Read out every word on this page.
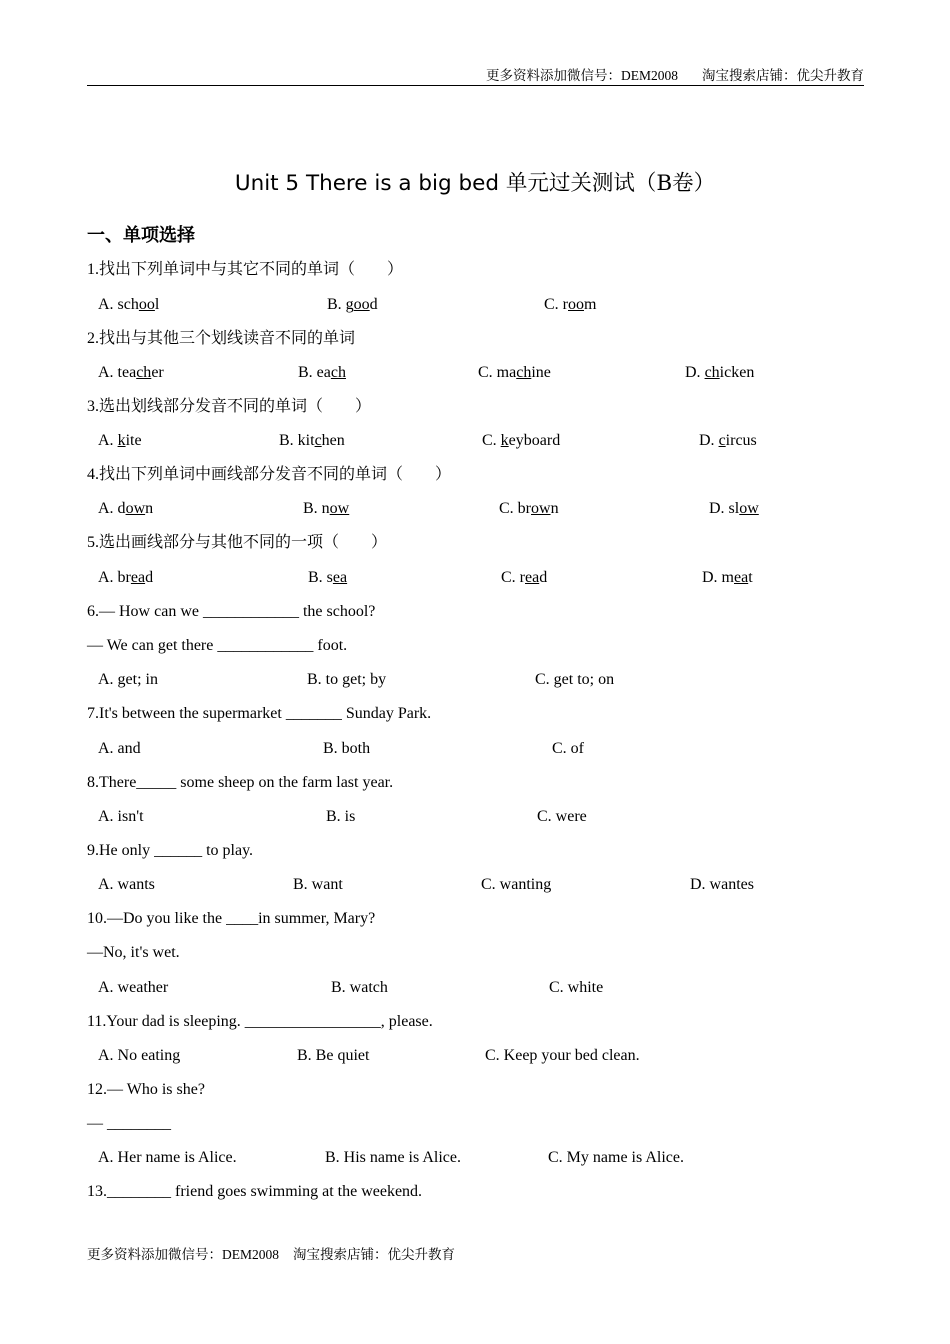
更多资料添加微信号：DEM2008 淘宝搜索店铺：优尖升教育
Unit 5 There is a big bed 单元过关测试（B卷）
一、单项选择
1.找出下列单词中与其它不同的单词（　　）
A. school	B. good	C. room
2.找出与其他三个划线读音不同的单词
A. teacher	B. each	C. machine	D. chicken
3.选出划线部分发音不同的单词（　　）
A. kite	B. kitchen	C. keyboard	D. circus
4.找出下列单词中画线部分发音不同的单词（　　）
A. down	B. now	C. brown	D. slow
5.选出画线部分与其他不同的一项（　　）
A. bread	B. sea	C. read	D. meat
6.— How can we ____________ the school?
— We can get there ____________ foot.
A. get; in	B. to get; by	C. get to; on
7.It's between the supermarket _______ Sunday Park.
A. and	B. both	C. of
8.There_____ some sheep on the farm last year.
A. isn't	B. is	C. were
9.He only ______ to play.
A. wants	B. want	C. wanting	D. wantes
10.—Do you like the ____in summer, Mary?
—No, it's wet.
A. weather	B. watch	C. white
11.Your dad is sleeping. _________________, please.
A. No eating	B. Be quiet	C. Keep your bed clean.
12.— Who is she?
— ________
A. Her name is Alice.	B. His name is Alice.	C. My name is Alice.
13.________ friend goes swimming at the weekend.
更多资料添加微信号：DEM2008 淘宝搜索店铺：优尖升教育
